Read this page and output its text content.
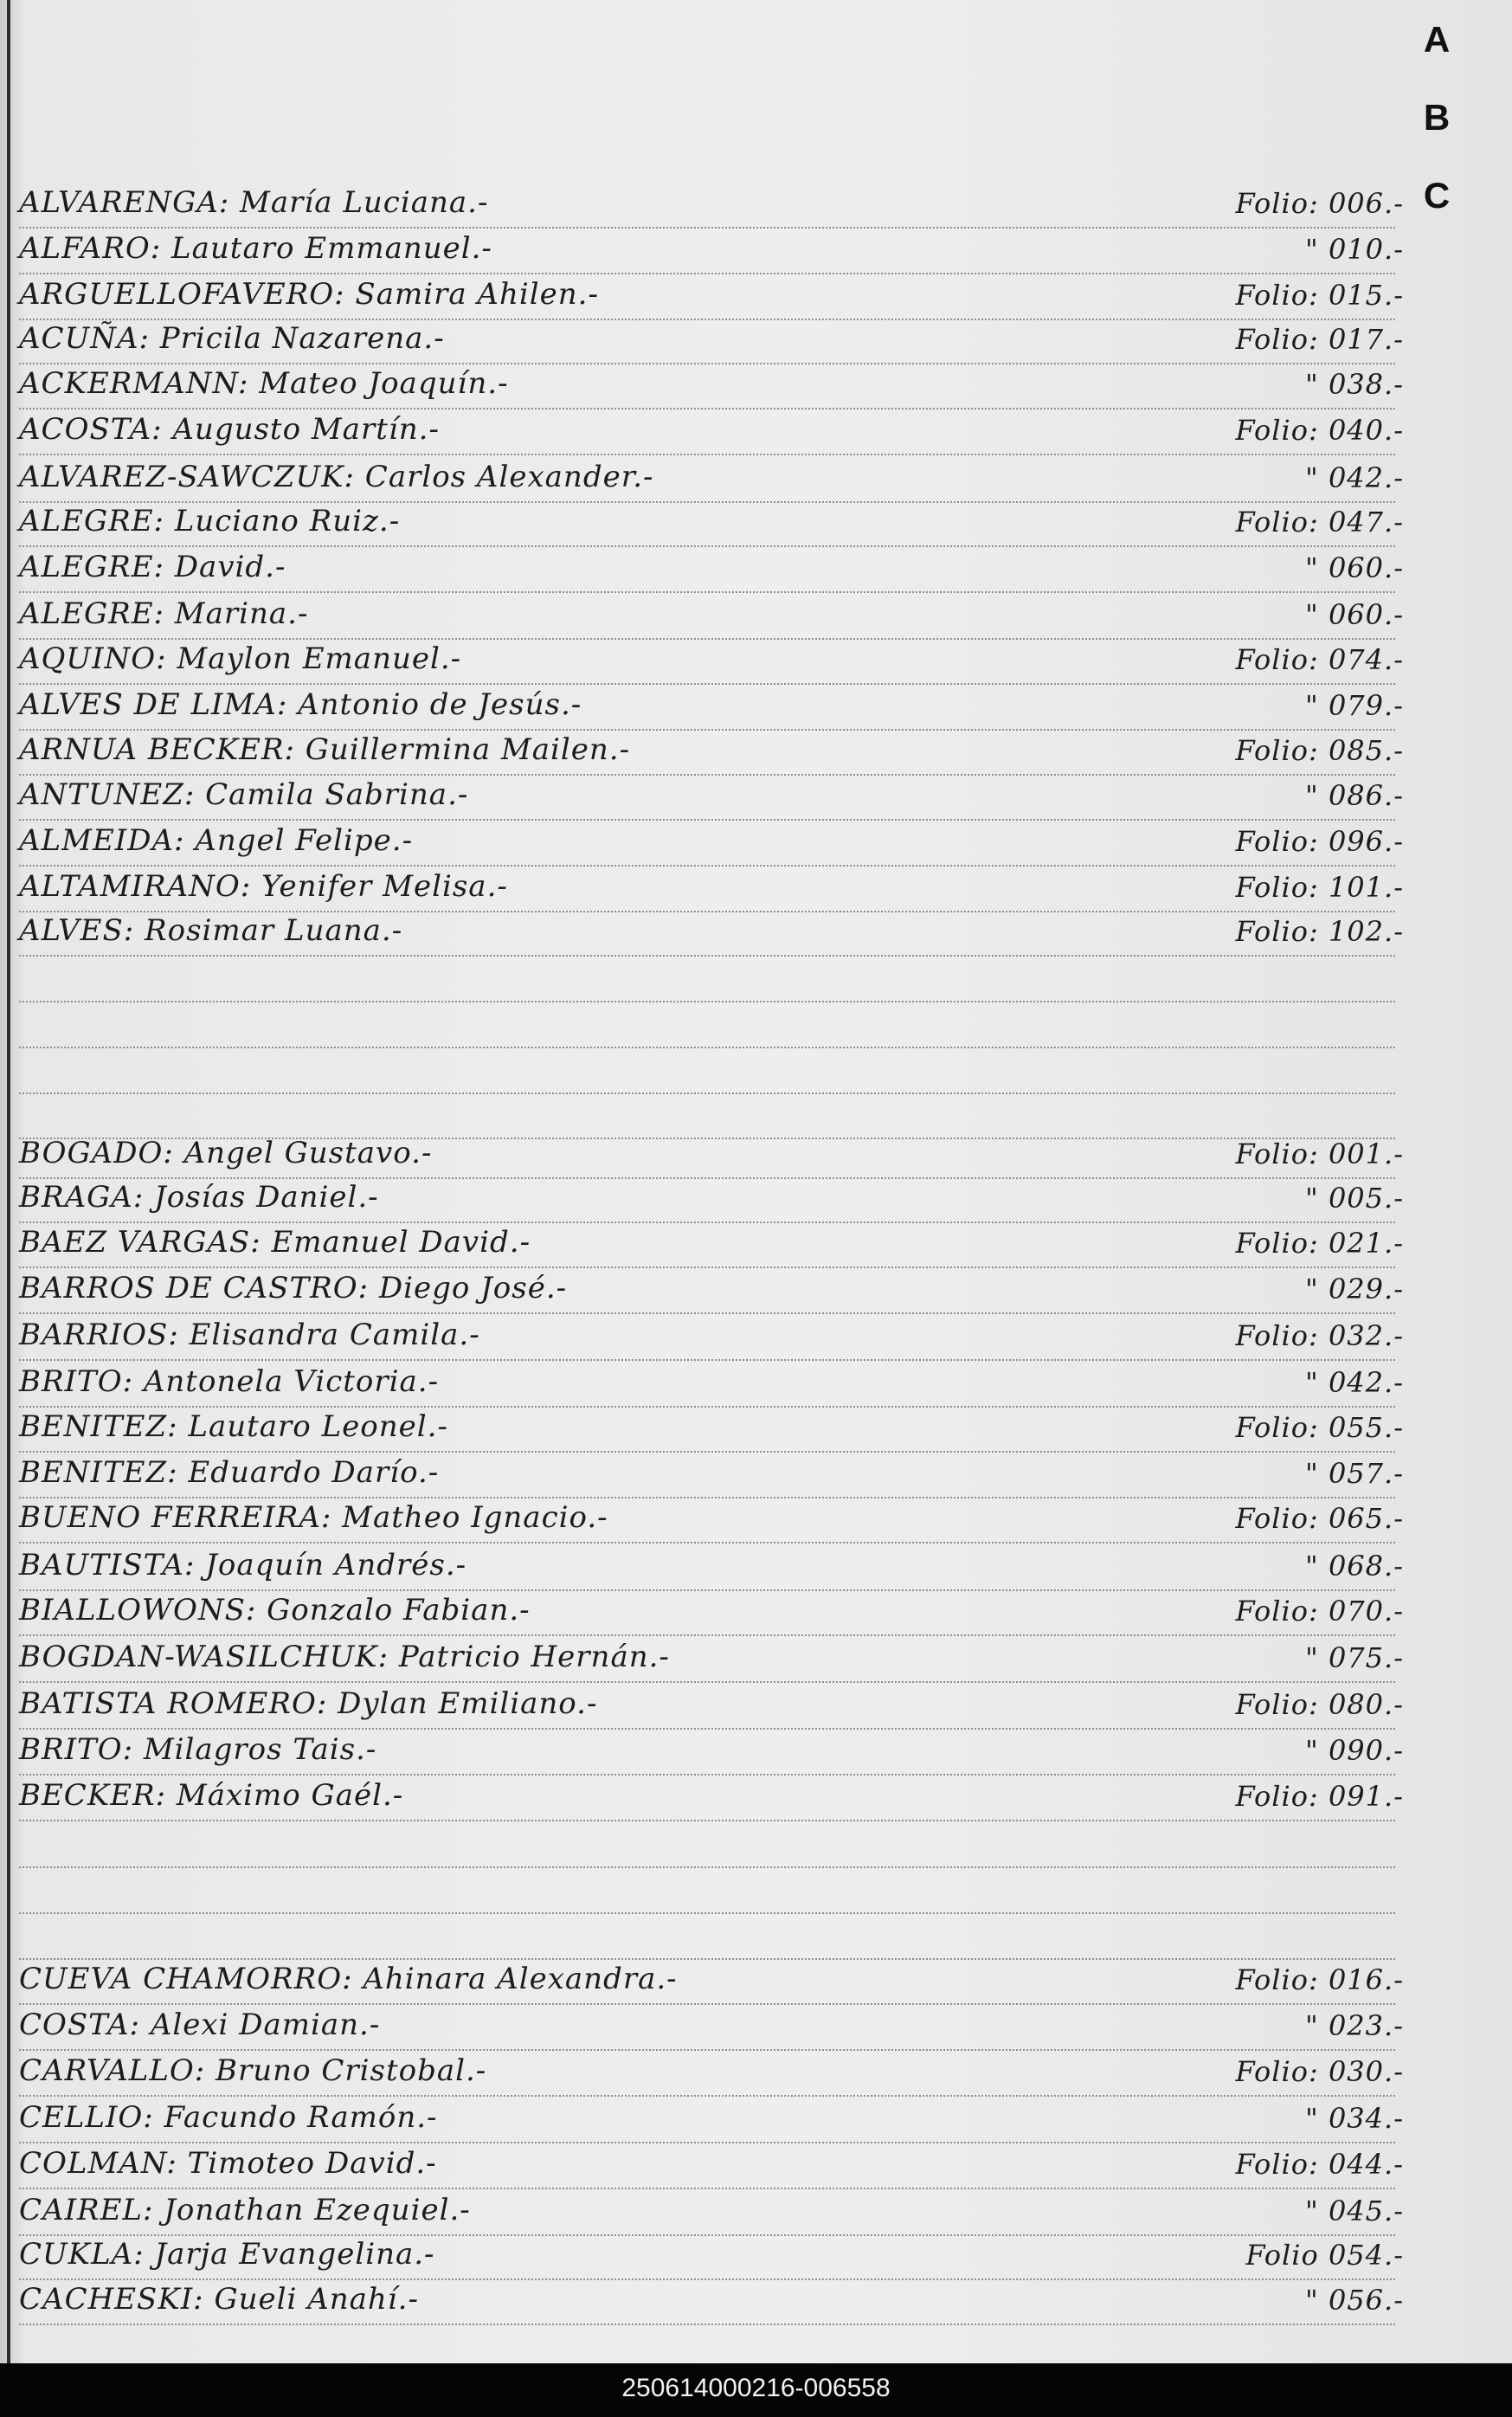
A
B
C
ALVARENGA: María Luciana.-	Folio: 006.-
ALFARO: Lautaro Emmanuel.-	" 010.-
ARGUELLOFAVERO: Samira Ahilen.-	Folio: 015.-
ACUÑA: Pricila Nazarena.-	Folio: 017.-
ACKERMANN: Mateo Joaquín.-	" 038.-
ACOSTA: Augusto Martín.-	Folio: 040.-
ALVAREZ-SAWCZUK: Carlos Alexander.-	" 042.-
ALEGRE: Luciano Ruiz.-	Folio: 047.-
ALEGRE: David.-	" 060.-
ALEGRE: Marina.-	" 060.-
AQUINO: Maylon Emanuel.-	Folio: 074.-
ALVES DE LIMA: Antonio de Jesús.-	" 079.-
ARNUA BECKER: Guillermina Mailen.-	Folio: 085.-
ANTUNEZ: Camila Sabrina.-	" 086.-
ALMEIDA: Angel Felipe.-	Folio: 096.-
ALTAMIRANO: Yenifer Melisa.-	Folio: 101.-
ALVES: Rosimar Luana.-	Folio: 102.-
BOGADO: Angel Gustavo.-	Folio: 001.-
BRAGA: Josías Daniel.-	" 005.-
BAEZ VARGAS: Emanuel David.-	Folio: 021.-
BARROS DE CASTRO: Diego José.-	" 029.-
BARRIOS: Elisandra Camila.-	Folio: 032.-
BRITO: Antonela Victoria.-	" 042.-
BENITEZ: Lautaro Leonel.-	Folio: 055.-
BENITEZ: Eduardo Darío.-	" 057.-
BUENO FERREIRA: Matheo Ignacio.-	Folio: 065.-
BAUTISTA: Joaquín Andrés.-	" 068.-
BIALLOWONS: Gonzalo Fabian.-	Folio: 070.-
BOGDAN-WASILCHUK: Patricio Hernán.-	" 075.-
BATISTA ROMERO: Dylan Emiliano.-	Folio: 080.-
BRITO: Milagros Tais.-	" 090.-
BECKER: Máximo Gaél.-	Folio: 091.-
CUEVA CHAMORRO: Ahinara Alexandra.-	Folio: 016.-
COSTA: Alexi Damian.-	" 023.-
CARVALLO: Bruno Cristobal.-	Folio: 030.-
CELLIO: Facundo Ramón.-	" 034.-
COLMAN: Timoteo David.-	Folio: 044.-
CAIREL: Jonathan Ezequiel.-	" 045.-
CUKLA: Jarja Evangelina.-	Folio 054.-
CACHESKI: Gueli Anahí.-	" 056.-
250614000216-006558
